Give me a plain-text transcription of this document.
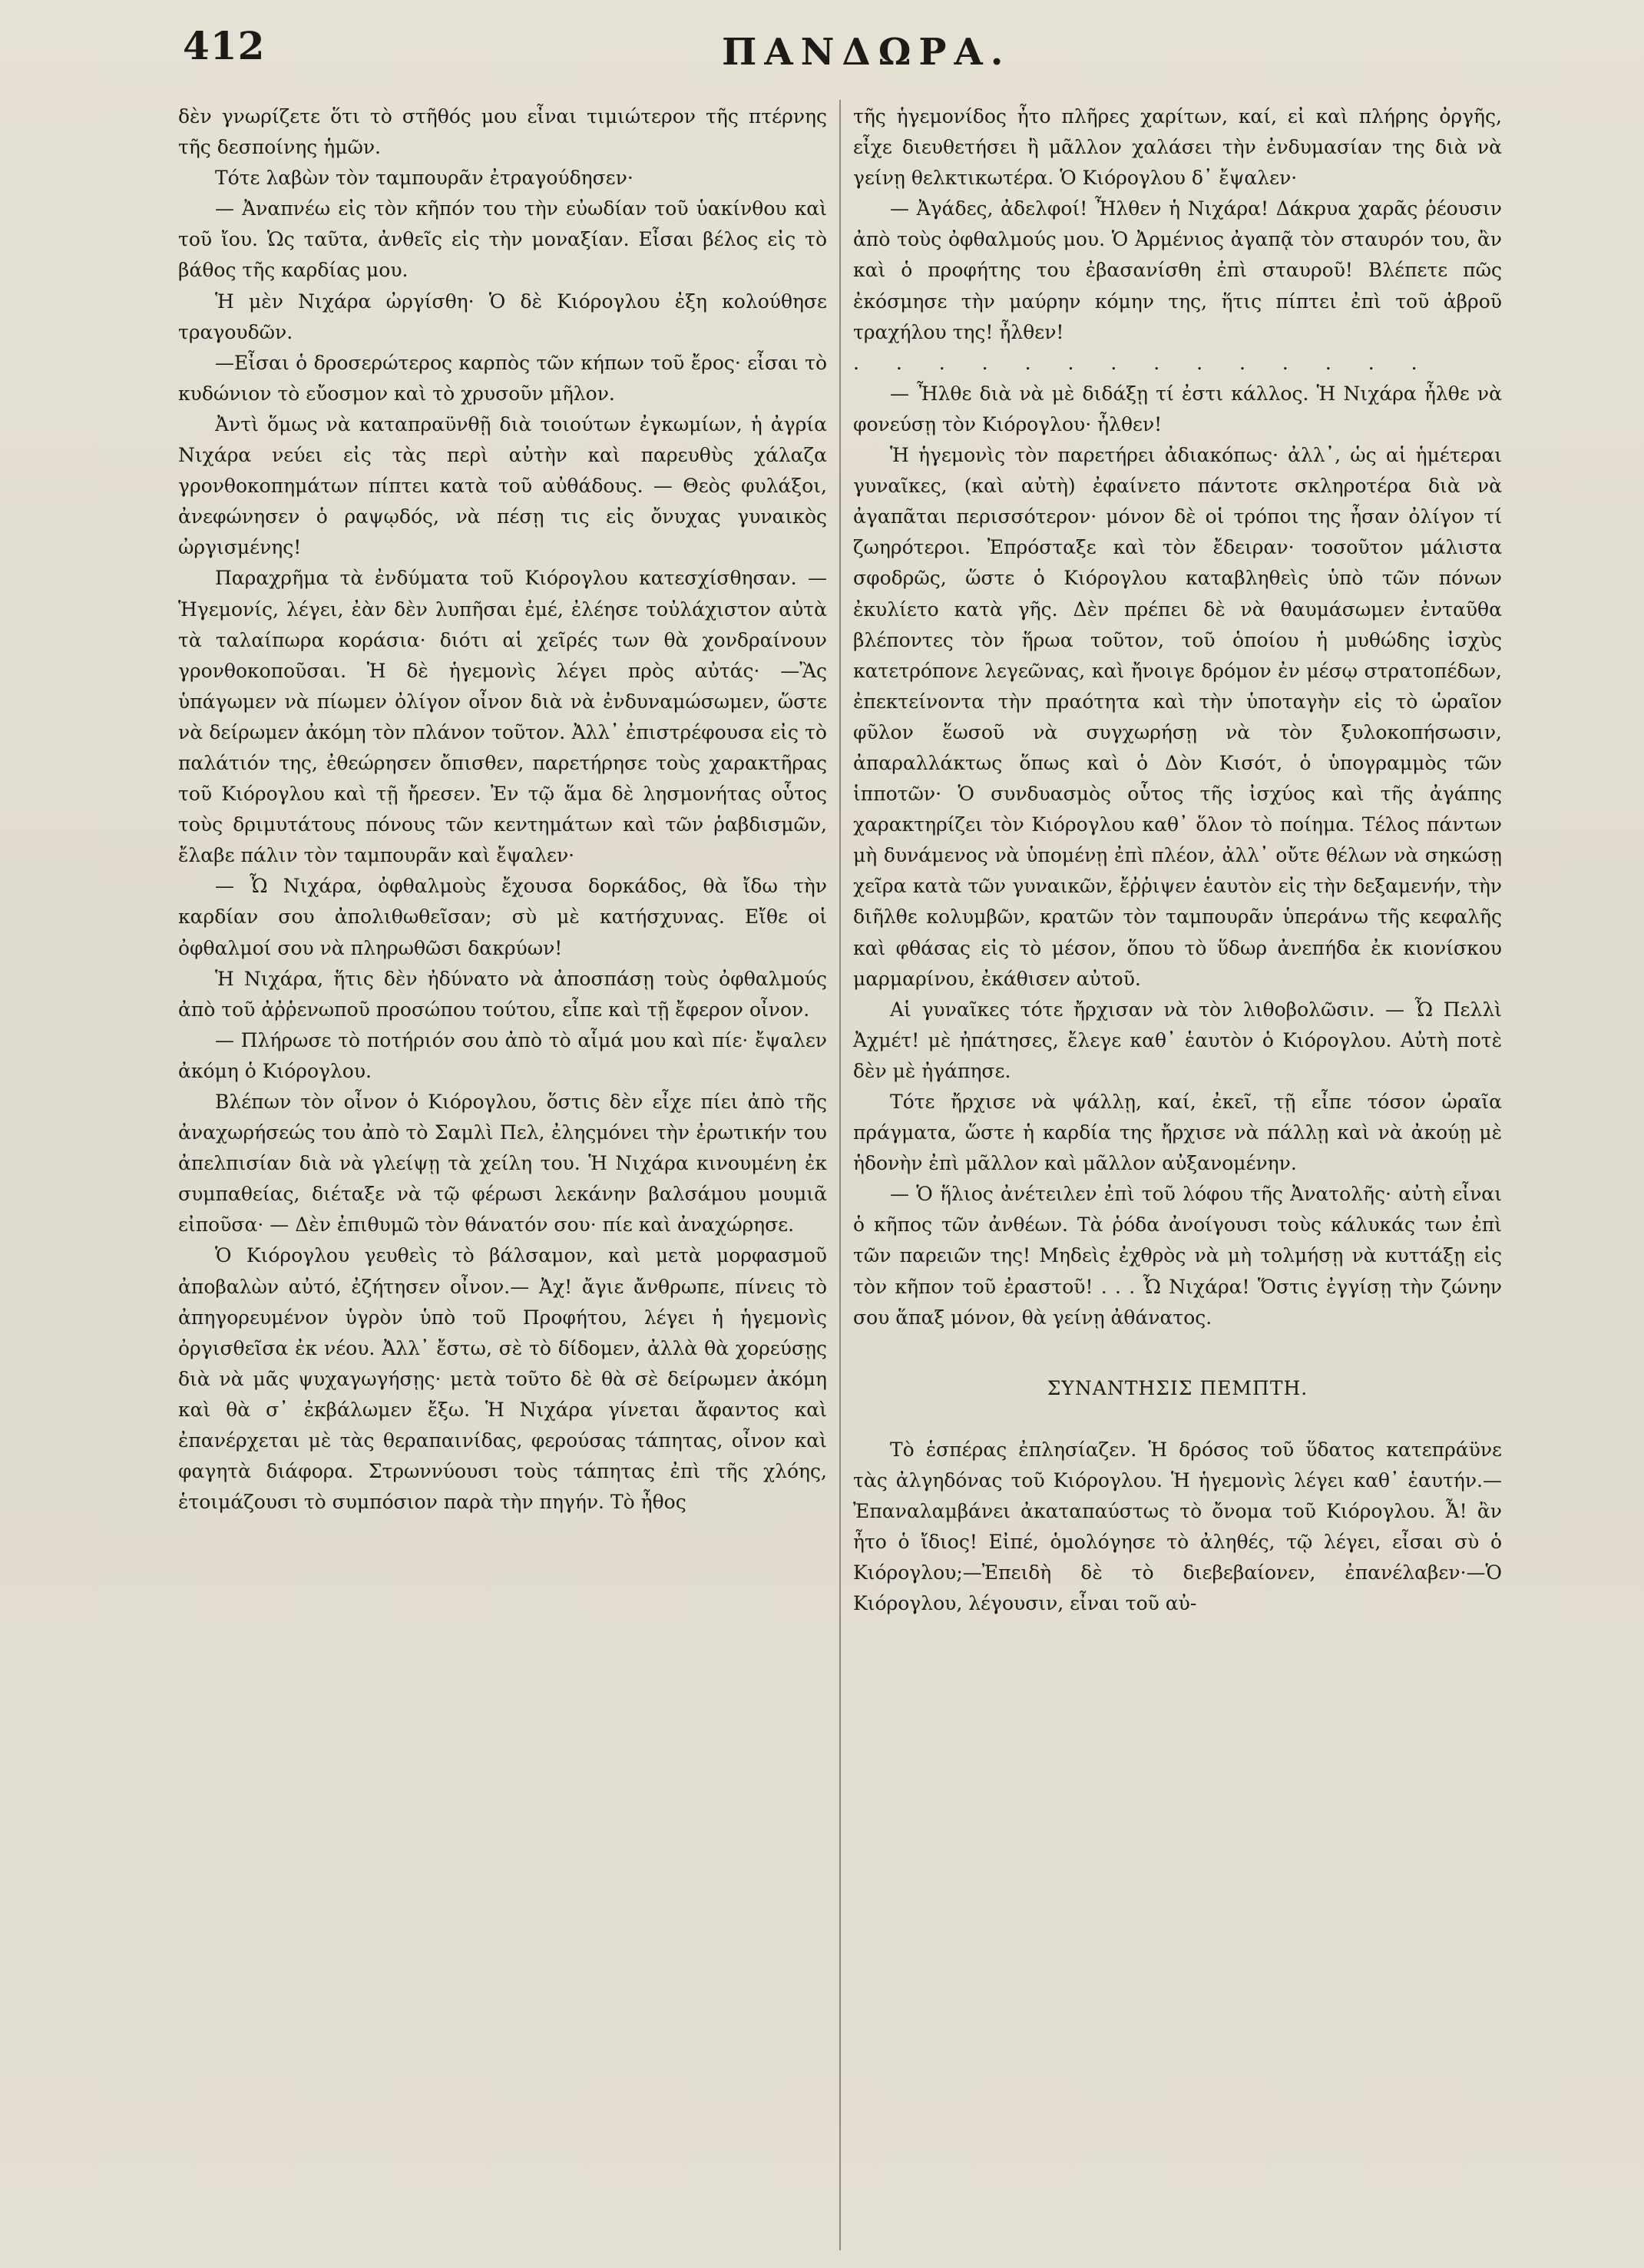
412	ΠΑΝΔΩΡΑ.

δὲν γνωρίζετε ὅτι τὸ στῆθός μου εἶναι τιμιώτερον τῆς πτέρνης τῆς δεσποίνης ἡμῶν.

Τότε λαβὼν τὸν ταμπουρᾶν ἐτραγούδησεν·

— Ἀναπνέω εἰς τὸν κῆπόν του τὴν εὐωδίαν τοῦ ὑακίνθου καὶ τοῦ ἴου. Ὡς ταῦτα, ἀνθεῖς εἰς τὴν μοναξίαν. Εἶσαι βέλος εἰς τὸ βάθος τῆς καρδίας μου.

Ἡ μὲν Νιχάρα ὠργίσθη· Ὁ δὲ Κιόρογλου ἐξη κολούθησε τραγουδῶν.

—Εἶσαι ὁ δροσερώτερος καρπὸς τῶν κήπων τοῦ ἔρος· εἶσαι τὸ κυδώνιον τὸ εὔοσμον καὶ τὸ χρυσοῦν μῆλον.

Ἀντὶ ὅμως νὰ καταπραϋνθῇ διὰ τοιούτων ἐγκωμίων, ἡ ἀγρία Νιχάρα νεύει εἰς τὰς περὶ αὐτὴν καὶ παρευθὺς χάλαζα γρονθοκοπημάτων πίπτει κατὰ τοῦ αὐθάδους. — Θεὸς φυλάξοι, ἀνεφώνησεν ὁ ραψῳδός, νὰ πέσῃ τις εἰς ὄνυχας γυναικὸς ὠργισμένης!

Παραχρῆμα τὰ ἐνδύματα τοῦ Κιόρογλου κατεσχίσθησαν. — Ἡγεμονίς, λέγει, ἐὰν δὲν λυπῆσαι ἐμέ, ἐλέησε τοὐλάχιστον αὐτὰ τὰ ταλαίπωρα κοράσια· διότι αἱ χεῖρές των θὰ χονδραίνουν γρονθοκοποῦσαι. Ἡ δὲ ἡγεμονὶς λέγει πρὸς αὐτάς· —Ἂς ὑπάγωμεν νὰ πίωμεν ὀλίγον οἶνον διὰ νὰ ἐνδυναμώσωμεν, ὥστε νὰ δείρωμεν ἀκόμη τὸν πλάνον τοῦτον. Ἀλλ᾽ ἐπιστρέφουσα εἰς τὸ παλάτιόν της, ἐθεώρησεν ὄπισθεν, παρετήρησε τοὺς χαρακτῆρας τοῦ Κιόρογλου καὶ τῇ ἤρεσεν. Ἐν τῷ ἅμα δὲ λησμονήτας οὗτος τοὺς δριμυτάτους πόνους τῶν κεντημάτων καὶ τῶν ῥαβδισμῶν, ἔλαβε πάλιν τὸν ταμπουρᾶν καὶ ἔψαλεν·

— Ὦ Νιχάρα, ὀφθαλμοὺς ἔχουσα δορκάδος, θὰ ἴδω τὴν καρδίαν σου ἀπολιθωθεῖσαν; σὺ μὲ κατήσχυνας. Εἴθε οἱ ὀφθαλμοί σου νὰ πληρωθῶσι δακρύων!

Ἡ Νιχάρα, ἥτις δὲν ἠδύνατο νὰ ἀποσπάσῃ τοὺς ὀφθαλμούς ἀπὸ τοῦ ἀῤῥενωποῦ προσώπου τούτου, εἶπε καὶ τῇ ἔφερον οἶνον.

— Πλήρωσε τὸ ποτήριόν σου ἀπὸ τὸ αἷμά μου καὶ πίε· ἔψαλεν ἀκόμη ὁ Κιόρογλου.

Βλέπων τὸν οἶνον ὁ Κιόρογλου, ὅστις δὲν εἶχε πίει ἀπὸ τῆς ἀναχωρήσεώς του ἀπὸ τὸ Σαμλὶ Πελ, ἐληςμόνει τὴν ἐρωτικήν του ἀπελπισίαν διὰ νὰ γλείψῃ τὰ χείλη του. Ἡ Νιχάρα κινουμένη ἐκ συμπαθείας, διέταξε νὰ τῷ φέρωσι λεκάνην βαλσάμου μουμιᾶ εἰποῦσα· — Δὲν ἐπιθυμῶ τὸν θάνατόν σου· πίε καὶ ἀναχώρησε.

Ὁ Κιόρογλου γευθεὶς τὸ βάλσαμον, καὶ μετὰ μορφασμοῦ ἀποβαλὼν αὐτό, ἐζήτησεν οἶνον.— Ἀχ! ἄγιε ἄνθρωπε, πίνεις τὸ ἀπηγορευμένον ὑγρὸν ὑπὸ τοῦ Προφήτου, λέγει ἡ ἡγεμονὶς ὀργισθεῖσα ἐκ νέου. Ἀλλ᾽ ἔστω, σὲ τὸ δίδομεν, ἀλλὰ θὰ χορεύσῃς διὰ νὰ μᾶς ψυχαγωγήσῃς· μετὰ τοῦτο δὲ θὰ σὲ δείρωμεν ἀκόμη καὶ θὰ σ᾽ ἐκβάλωμεν ἔξω. Ἡ Νιχάρα γίνεται ἄφαντος καὶ ἐπανέρχεται μὲ τὰς θεραπαινίδας, φερούσας τάπητας, οἶνον καὶ φαγητὰ διάφορα. Στρωννύουσι τοὺς τάπητας ἐπὶ τῆς χλόης, ἑτοιμάζουσι τὸ συμπόσιον παρὰ τὴν πηγήν. Τὸ ἦθος

τῆς ἡγεμονίδος ἦτο πλῆρες χαρίτων, καί, εἰ καὶ πλήρης ὀργῆς, εἶχε διευθετήσει ἢ μᾶλλον χαλάσει τὴν ἐνδυμασίαν της διὰ νὰ γείνῃ θελκτικωτέρα. Ὁ Κιόρογλου δ᾽ ἔψαλεν·

— Ἀγάδες, ἀδελφοί! Ἦλθεν ἡ Νιχάρα! Δάκρυα χαρᾶς ῥέουσιν ἀπὸ τοὺς ὀφθαλμούς μου. Ὁ Ἀρμένιος ἀγαπᾷ τὸν σταυρόν του, ἂν καὶ ὁ προφήτης του ἐβασανίσθη ἐπὶ σταυροῦ! Βλέπετε πῶς ἐκόσμησε τὴν μαύρην κόμην της, ἥτις πίπτει ἐπὶ τοῦ ἁβροῦ τραχήλου της! ἦλθεν!

. . . . . . . . . . . . . .

— Ἦλθε διὰ νὰ μὲ διδάξῃ τί ἐστι κάλλος. Ἡ Νιχάρα ἦλθε νὰ φονεύσῃ τὸν Κιόρογλου· ἦλθεν!

Ἡ ἡγεμονὶς τὸν παρετήρει ἀδιακόπως· ἀλλ᾽, ὡς αἱ ἡμέτεραι γυναῖκες, (καὶ αὐτὴ) ἐφαίνετο πάντοτε σκληροτέρα διὰ νὰ ἀγαπᾶται περισσότερον· μόνον δὲ οἱ τρόποι της ἦσαν ὀλίγον τί ζωηρότεροι. Ἐπρόσταξε καὶ τὸν ἔδειραν· τοσοῦτον μάλιστα σφοδρῶς, ὥστε ὁ Κιόρογλου καταβληθεὶς ὑπὸ τῶν πόνων ἐκυλίετο κατὰ γῆς. Δὲν πρέπει δὲ νὰ θαυμάσωμεν ἐνταῦθα βλέποντες τὸν ἥρωα τοῦτον, τοῦ ὁποίου ἡ μυθώδης ἰσχὺς κατετρόπονε λεγεῶνας, καὶ ἤνοιγε δρόμον ἐν μέσῳ στρατοπέδων, ἐπεκτείνοντα τὴν πραότητα καὶ τὴν ὑποταγὴν εἰς τὸ ὡραῖον φῦλον ἕωσοῦ νὰ συγχωρήσῃ νὰ τὸν ξυλοκοπήσωσιν, ἀπαραλλάκτως ὅπως καὶ ὁ Δὸν Κισότ, ὁ ὑπογραμμὸς τῶν ἱπποτῶν· Ὁ συνδυασμὸς οὗτος τῆς ἰσχύος καὶ τῆς ἀγάπης χαρακτηρίζει τὸν Κιόρογλου καθ᾽ ὅλον τὸ ποίημα. Τέλος πάντων μὴ δυνάμενος νὰ ὑπομένῃ ἐπὶ πλέον, ἀλλ᾽ οὔτε θέλων νὰ σηκώσῃ χεῖρα κατὰ τῶν γυναικῶν, ἔῤῥιψεν ἑαυτὸν εἰς τὴν δεξαμενήν, τὴν διῆλθε κολυμβῶν, κρατῶν τὸν ταμπουρᾶν ὑπεράνω τῆς κεφαλῆς καὶ φθάσας εἰς τὸ μέσον, ὅπου τὸ ὕδωρ ἀνεπήδα ἐκ κιονίσκου μαρμαρίνου, ἐκάθισεν αὐτοῦ.

Αἱ γυναῖκες τότε ἤρχισαν νὰ τὸν λιθοβολῶσιν. — Ὦ Πελλὶ Ἀχμέτ! μὲ ἠπάτησες, ἔλεγε καθ᾽ ἑαυτὸν ὁ Κιόρογλου. Αὐτὴ ποτὲ δὲν μὲ ἠγάπησε.

Τότε ἤρχισε νὰ ψάλλῃ, καί, ἐκεῖ, τῇ εἶπε τόσον ὡραῖα πράγματα, ὥστε ἡ καρδία της ἤρχισε νὰ πάλλῃ καὶ νὰ ἀκούῃ μὲ ἡδονὴν ἐπὶ μᾶλλον καὶ μᾶλλον αὐξανομένην.

— Ὁ ἥλιος ἀνέτειλεν ἐπὶ τοῦ λόφου τῆς Ἀνατολῆς· αὐτὴ εἶναι ὁ κῆπος τῶν ἀνθέων. Τὰ ῥόδα ἀνοίγουσι τοὺς κάλυκάς των ἐπὶ τῶν παρειῶν της! Μηδεὶς ἐχθρὸς νὰ μὴ τολμήσῃ νὰ κυττάξῃ εἰς τὸν κῆπον τοῦ ἐραστοῦ! . . . Ὦ Νιχάρα! Ὅστις ἐγγίσῃ τὴν ζώνην σου ἅπαξ μόνον, θὰ γείνῃ ἀθάνατος.

ΣΥΝΑΝΤΗΣΙΣ ΠΕΜΠΤΗ.

Τὸ ἑσπέρας ἐπλησίαζεν. Ἡ δρόσος τοῦ ὕδατος κατεπράϋνε τὰς ἀλγηδόνας τοῦ Κιόρογλου. Ἡ ἡγεμονὶς λέγει καθ᾽ ἑαυτήν.— Ἐπαναλαμβάνει ἀκαταπαύστως τὸ ὄνομα τοῦ Κιόρογλου. Ἆ! ἂν ἦτο ὁ ἴδιος! Εἰπέ, ὁμολόγησε τὸ ἀληθές, τῷ λέγει, εἶσαι σὺ ὁ Κιόρογλου;—Ἐπειδὴ δὲ τὸ διεβεβαίονεν, ἐπανέλαβεν·—Ὁ Κιόρογλου, λέγουσιν, εἶναι τοῦ αὐ-
